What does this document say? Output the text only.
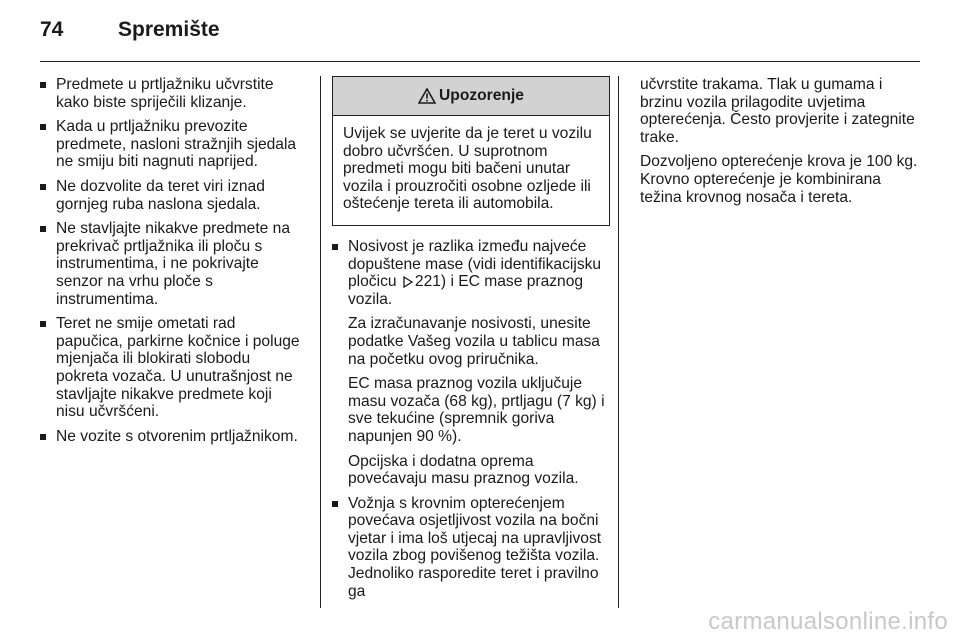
74	Spremište

Predmete u prtljažniku učvrstite kako biste spriječili klizanje.

Kada u prtljažniku prevozite predmete, nasloni stražnjih sjedala ne smiju biti nagnuti naprijed.

Ne dozvolite da teret viri iznad gornjeg ruba naslona sjedala.

Ne stavljajte nikakve predmete na prekrivač prtljažnika ili ploču s instrumentima, i ne pokrivajte senzor na vrhu ploče s instrumentima.

Teret ne smije ometati rad papučica, parkirne kočnice i poluge mjenjača ili blokirati slobodu pokreta vozača. U unutrašnjost ne stavljajte nikakve predmete koji nisu učvršćeni.

Ne vozite s otvorenim prtljažnikom.

Upozorenje
Uvijek se uvjerite da je teret u vozilu dobro učvršćen. U suprotnom predmeti mogu biti bačeni unutar vozila i prouzročiti osobne ozljede ili oštećenje tereta ili automobila.

Nosivost je razlika između najveće dopuštene mase (vidi identifikacijsku pločicu 221) i EC mase praznog vozila.

Za izračunavanje nosivosti, unesite podatke Vašeg vozila u tablicu masa na početku ovog priručnika.

EC masa praznog vozila uključuje masu vozača (68 kg), prtljagu (7 kg) i sve tekućine (spremnik goriva napunjen 90 %).

Opcijska i dodatna oprema povećavaju masu praznog vozila.

Vožnja s krovnim opterećenjem povećava osjetljivost vozila na bočni vjetar i ima loš utjecaj na upravljivost vozila zbog povišenog težišta vozila. Jednoliko rasporedite teret i pravilno ga

učvrstite trakama. Tlak u gumama i brzinu vozila prilagodite uvjetima opterećenja. Često provjerite i zategnite trake.

Dozvoljeno opterećenje krova je 100 kg. Krovno opterećenje je kombinirana težina krovnog nosača i tereta.

carmanualsonline.info
